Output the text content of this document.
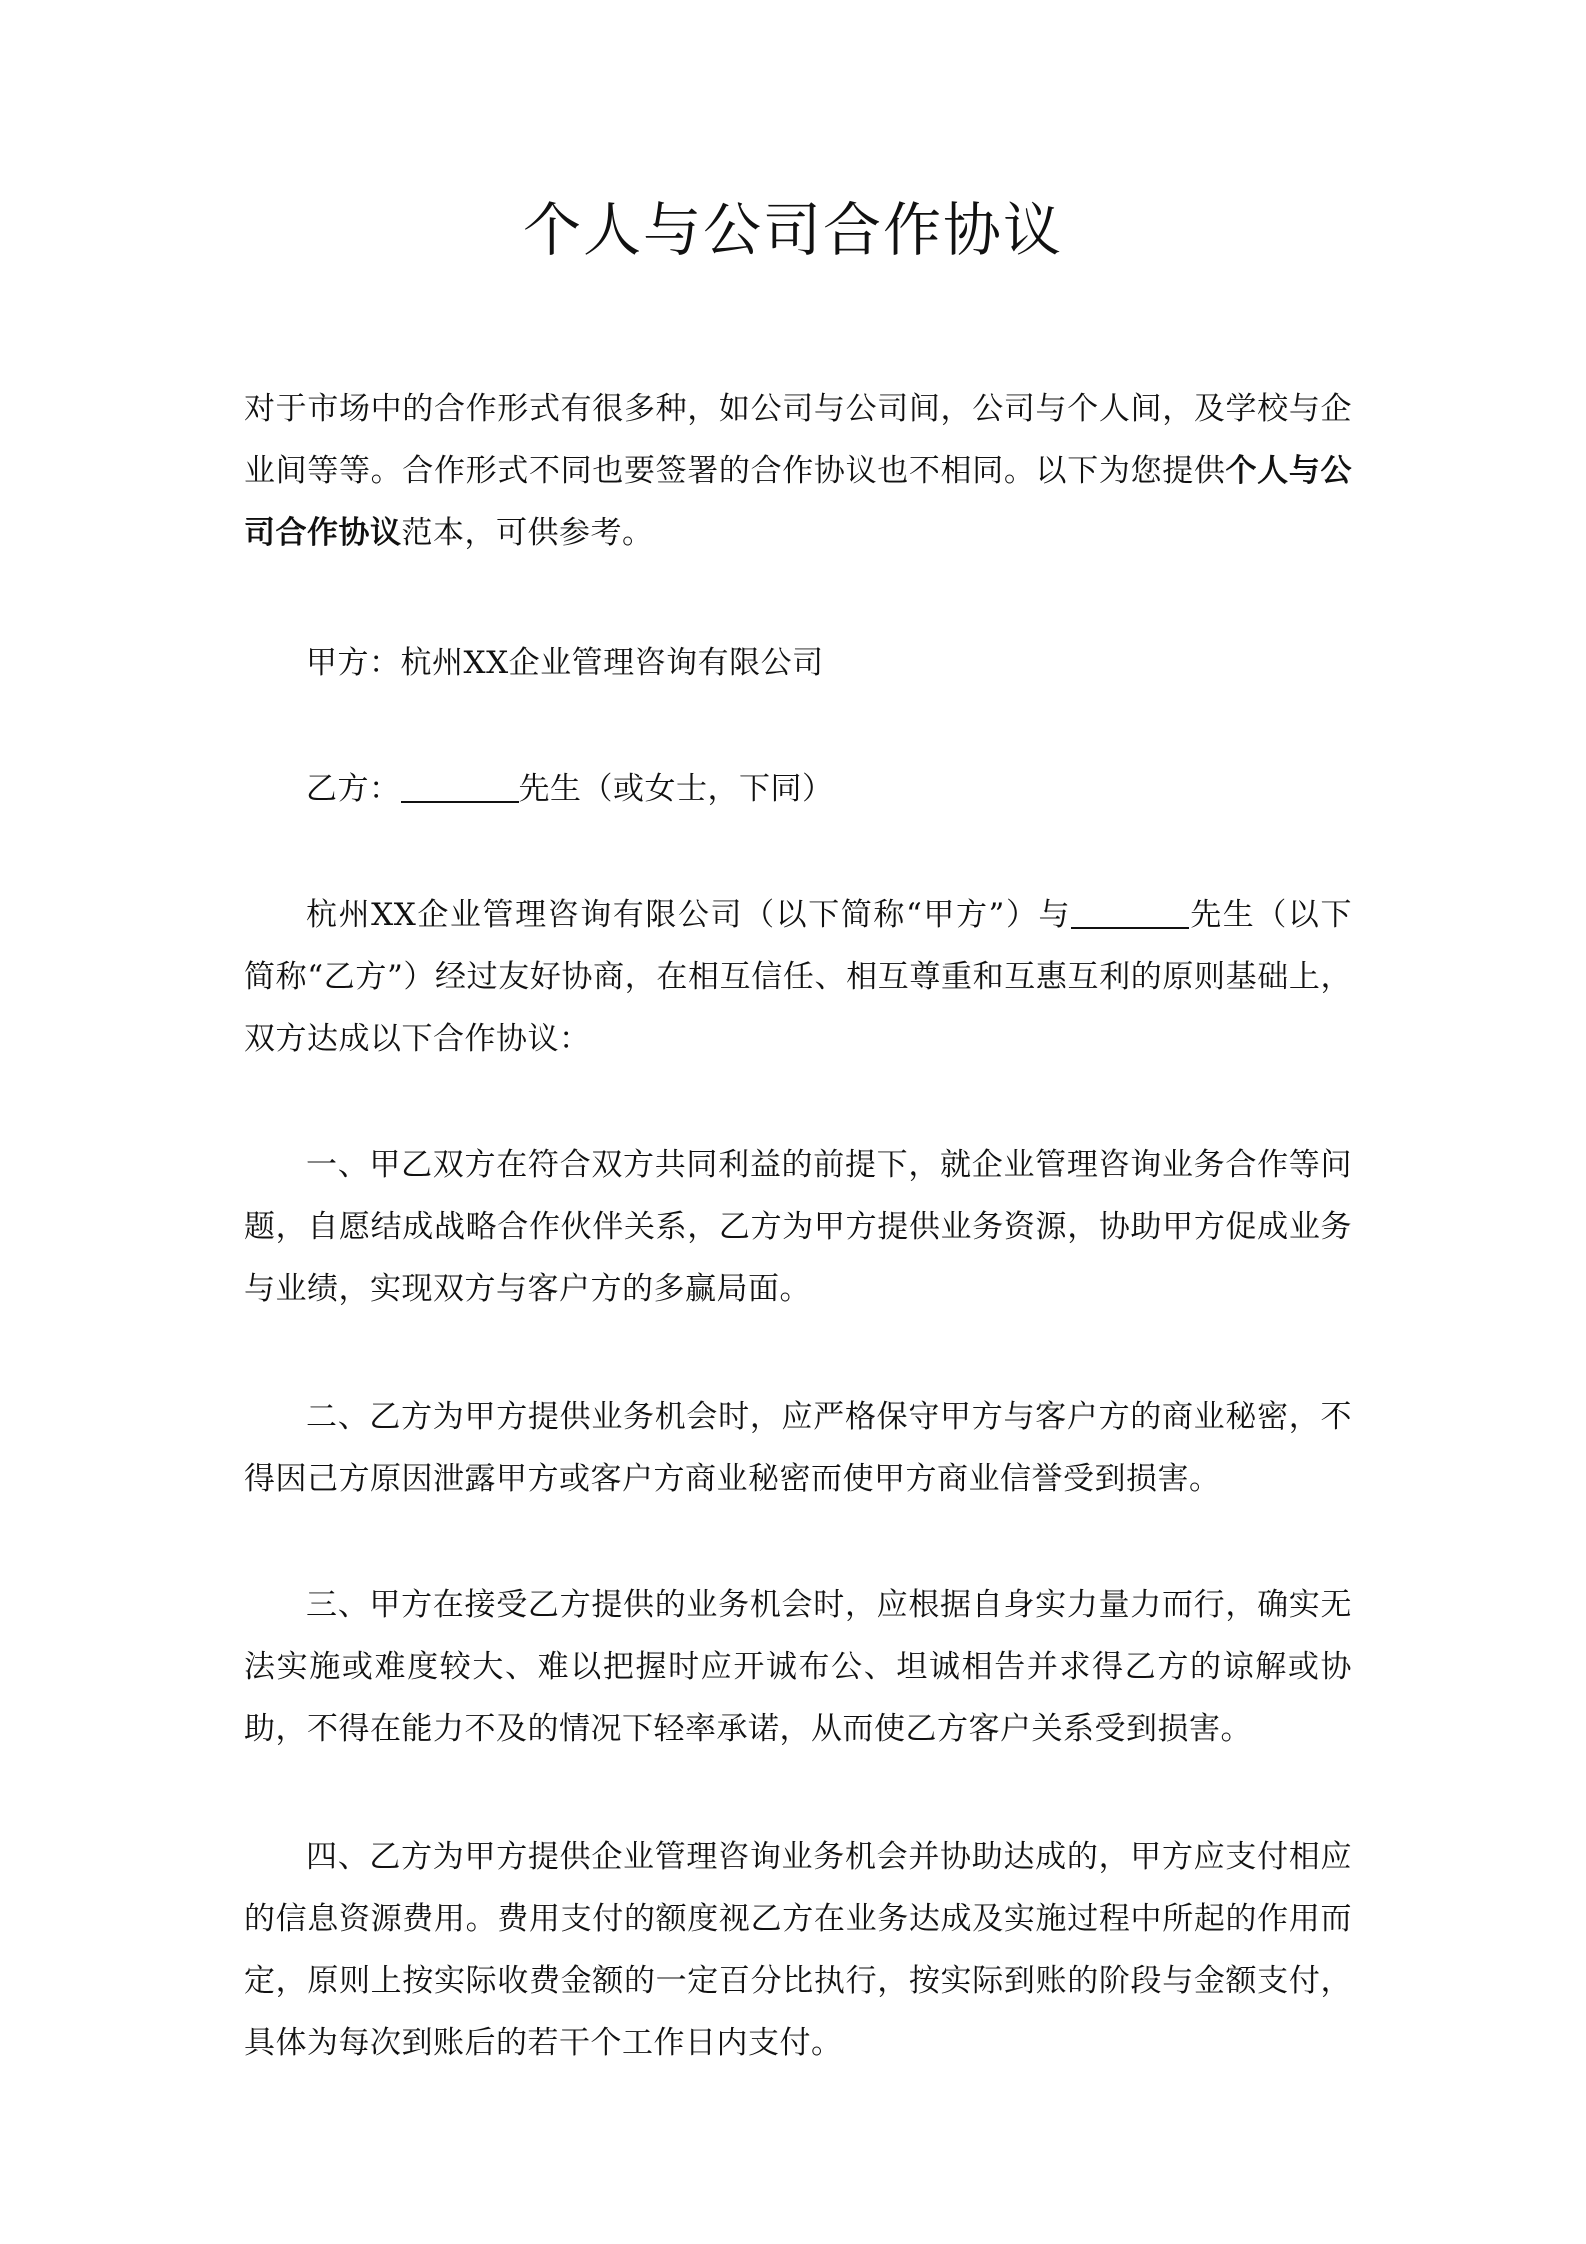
个人与公司合作协议

对于市场中的合作形式有很多种，如公司与公司间，公司与个人间，及学校与企业间等等。合作形式不同也要签署的合作协议也不相同。以下为您提供个人与公司合作协议范本，可供参考。

甲方：杭州XX企业管理咨询有限公司

乙方：	先生（或女士，下同）

杭州XX企业管理咨询有限公司（以下简称“甲方”）与	先生（以下简称“乙方”）经过友好协商，在相互信任、相互尊重和互惠互利的原则基础上，双方达成以下合作协议：

一、甲乙双方在符合双方共同利益的前提下，就企业管理咨询业务合作等问题，自愿结成战略合作伙伴关系，乙方为甲方提供业务资源，协助甲方促成业务与业绩，实现双方与客户方的多赢局面。

二、乙方为甲方提供业务机会时，应严格保守甲方与客户方的商业秘密，不得因己方原因泄露甲方或客户方商业秘密而使甲方商业信誉受到损害。

三、甲方在接受乙方提供的业务机会时，应根据自身实力量力而行，确实无法实施或难度较大、难以把握时应开诚布公、坦诚相告并求得乙方的谅解或协助，不得在能力不及的情况下轻率承诺，从而使乙方客户关系受到损害。

四、乙方为甲方提供企业管理咨询业务机会并协助达成的，甲方应支付相应的信息资源费用。费用支付的额度视乙方在业务达成及实施过程中所起的作用而定，原则上按实际收费金额的一定百分比执行，按实际到账的阶段与金额支付，具体为每次到账后的若干个工作日内支付。
